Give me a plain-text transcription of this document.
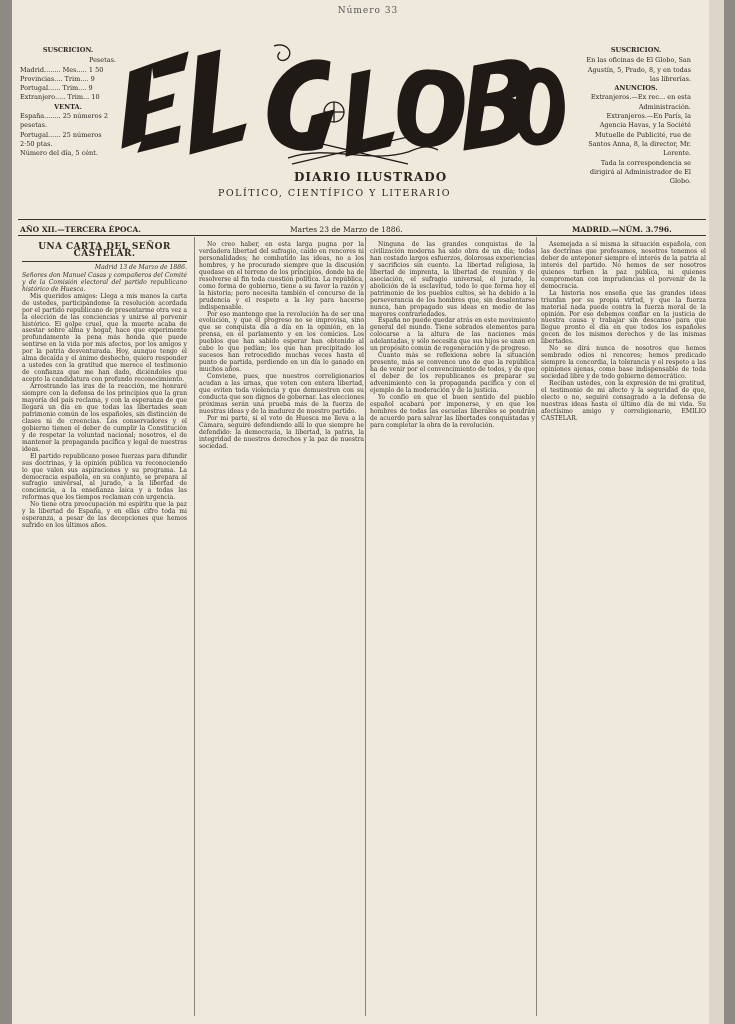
Número 33
SUSCRICION.
Pesetas.
Madrid........ Mes..... 1 50
Provincias.... Trim.... 9
Portugal...... Trim.... 9
Extranjero..... Trim... 10
VENTA.
España........ 25 números 2 pesetas.
Portugal...... 25 números 2·50 ptas.
Número del día, 5 cént.
DIARIO ILUSTRADO
POLÍTICO, CIENTÍFICO Y LITERARIO
SUSCRICION.
En las oficinas de El Globo, San Agustín, 5, Prado, 8, y en todas las librerías.
ANUNCIOS.
Extranjeros.—Ex rec... en esta Administración.
Extranjeros.—En París, la Agencia Havas, y la Société Mutuelle de Publicité, rue de Santos Anna, 8, la director, Mr. Lorente.
Tada la correspondencia se dirigirá al Administrador de El Globo.
AÑO XII.—TERCERA ÉPOCA.	Martes 23 de Marzo de 1886.	MADRID.—NÚM. 3.796.
UNA CARTA DEL SEÑOR CASTELAR.
Madrid 13 de Marzo de 1886.
Señores don Manuel Casas y compañeros del Comité y de la Comisión electoral del partido republicano histórico de Huesca.

Mis queridos amigos: Llega a mis manos la carta de ustedes, participándome la resolución acordada por el partido republicano de presentarme otra vez a la elección de las conciencias y unirse al porvenir histórico. El golpe cruel, que la muerte acaba de asestar sobre alma y hogar, hace que experimente profundamente la pena más honda que puede sentirse en la vida por mis afectos, por los amigos y por la patria desventurada. Hoy, aunque tengo el alma decaída y el ánimo deshecho, quiero responder a ustedes con la gratitud que merece el testimonio de confianza que me han dado, diciéndoles que acepto la candidatura con profundo reconocimiento.

Arrostrando las iras de la reacción, me honraré siempre con la defensa de los principios que la gran mayoría del país reclama, y con la esperanza de que llegará un día en que todas las libertades sean patrimonio común de los españoles, sin distinción de clases ni de creencias. Los conservadores y el gobierno tienen el deber de cumplir la Constitución y de respetar la voluntad nacional; nosotros, el de mantener la propaganda pacífica y legal de nuestras ideas.

El partido republicano posee fuerzas para difundir sus doctrinas, y la opinión pública va reconociendo lo que valen sus aspiraciones y su programa. La democracia española, en su conjunto, se prepara al sufragio universal, al jurado, a la libertad de conciencia, a la enseñanza laica y a todas las reformas que los tiempos reclaman con urgencia.

No tiene otra preocupación mi espíritu que la paz y la libertad de España, y en ellas cifro toda mi esperanza, a pesar de las decepciones que hemos sufrido en los últimos años.

No creo haber, en esta larga pugna por la verdadera libertad del sufragio, caído en rencores ni personalidades; he combatido las ideas, no a los hombres, y he procurado siempre que la discusión quedase en el terreno de los principios, donde ha de resolverse al fin toda cuestión política. La república, como forma de gobierno, tiene a su favor la razón y la historia; pero necesita también el concurso de la prudencia y el respeto a la ley para hacerse indispensable.

Por eso mantengo que la revolución ha de ser una evolución, y que el progreso no se improvisa, sino que se conquista día a día en la opinión, en la prensa, en el parlamento y en los comicios. Los pueblos que han sabido esperar han obtenido al cabo lo que pedían; los que han precipitado los sucesos han retrocedido muchas veces hasta el punto de partida, perdiendo en un día lo ganado en muchos años.

Conviene, pues, que nuestros correligionarios acudan a las urnas, que voten con entera libertad, que eviten toda violencia y que demuestren con su conducta que son dignos de gobernar. Las elecciones próximas serán una prueba más de la fuerza de nuestras ideas y de la madurez de nuestro partido.

Por mi parte, si el voto de Huesca me lleva a la Cámara, seguiré defendiendo allí lo que siempre he defendido: la democracia, la libertad, la patria, la integridad de nuestros derechos y la paz de nuestra sociedad.

Ninguna de las grandes conquistas de la civilización moderna ha sido obra de un día; todas han costado largos esfuerzos, dolorosas experiencias y sacrificios sin cuento. La libertad religiosa, la libertad de imprenta, la libertad de reunión y de asociación, el sufragio universal, el jurado, la abolición de la esclavitud, todo lo que forma hoy el patrimonio de los pueblos cultos, se ha debido a la perseverancia de los hombres que, sin desalentarse nunca, han propagado sus ideas en medio de las mayores contrariedades.

España no puede quedar atrás en este movimiento general del mundo. Tiene sobrados elementos para colocarse a la altura de las naciones más adelantadas, y sólo necesita que sus hijos se unan en un propósito común de regeneración y de progreso.

Cuanto más se reflexiona sobre la situación presente, más se convence uno de que la república ha de venir por el convencimiento de todos, y de que el deber de los republicanos es preparar su advenimiento con la propaganda pacífica y con el ejemplo de la moderación y de la justicia.

Yo confío en que el buen sentido del pueblo español acabará por imponerse, y en que los hombres de todas las escuelas liberales se pondrán de acuerdo para salvar las libertades conquistadas y para completar la obra de la revolución.

Asemejada a sí misma la situación española, con las doctrinas que profesamos, nosotros tenemos el deber de anteponer siempre el interés de la patria al interés del partido. No hemos de ser nosotros quienes turben la paz pública, ni quienes comprometan con imprudencias el porvenir de la democracia.

La historia nos enseña que las grandes ideas triunfan por su propia virtud, y que la fuerza material nada puede contra la fuerza moral de la opinión. Por eso debemos confiar en la justicia de nuestra causa y trabajar sin descanso para que llegue pronto el día en que todos los españoles gocen de los mismos derechos y de las mismas libertades.

No se dirá nunca de nosotros que hemos sembrado odios ni rencores; hemos predicado siempre la concordia, la tolerancia y el respeto a las opiniones ajenas, como base indispensable de toda sociedad libre y de todo gobierno democrático.

Reciban ustedes, con la expresión de mi gratitud, el testimonio de mi afecto y la seguridad de que, electo o no, seguiré consagrado a la defensa de nuestras ideas hasta el último día de mi vida. Su afectísimo amigo y correligionario, EMILIO CASTELAR.
